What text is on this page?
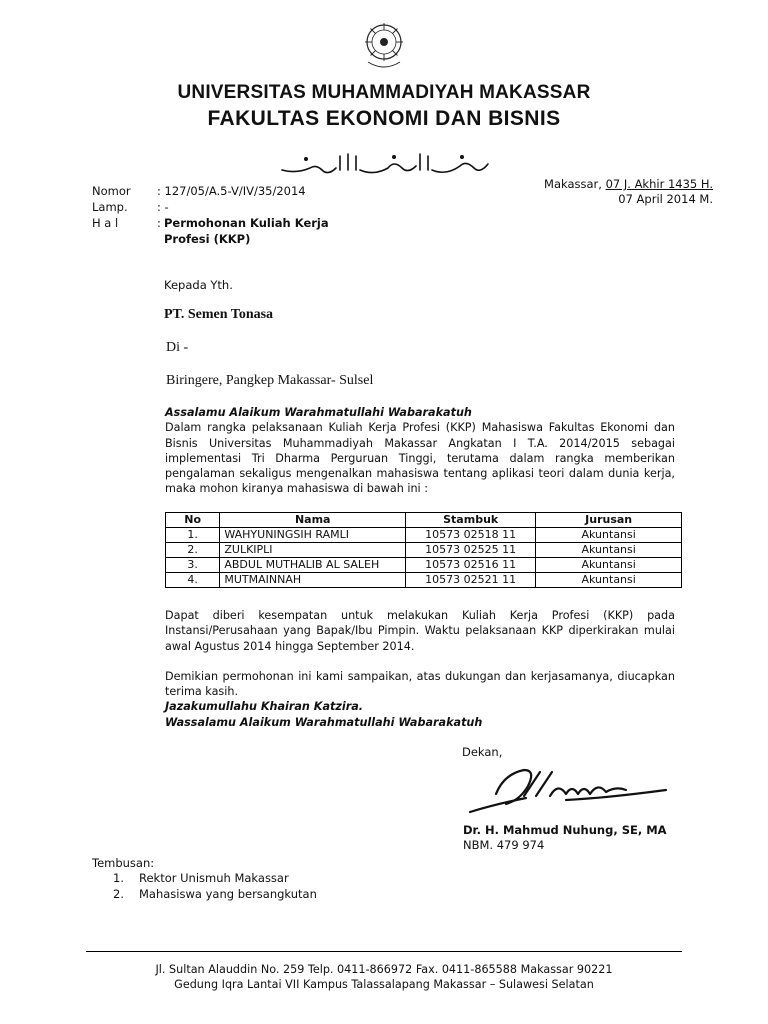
UNIVERSITAS MUHAMMADIYAH MAKASSAR
FAKULTAS EKONOMI DAN BISNIS
Nomor : 127/05/A.5-V/IV/35/2014
Lamp.	: -
H a l	: Permohonan Kuliah Kerja
Profesi (KKP)
Makassar, 07 J. Akhir 1435 H.
07 April 2014 M.
Kepada Yth.
PT. Semen Tonasa
Di -
Biringere, Pangkep Makassar- Sulsel

Assalamu Alaikum Warahmatullahi Wabarakatuh

Dalam rangka pelaksanaan Kuliah Kerja Profesi (KKP) Mahasiswa Fakultas Ekonomi dan Bisnis Universitas Muhammadiyah Makassar Angkatan I T.A. 2014/2015 sebagai implementasi Tri Dharma Perguruan Tinggi, terutama dalam rangka memberikan pengalaman sekaligus mengenalkan mahasiswa tentang aplikasi teori dalam dunia kerja, maka mohon kiranya mahasiswa di bawah ini :

No	Nama	Stambuk	Jurusan
1.	WAHYUNINGSIH RAMLI	10573 02518 11	Akuntansi
2.	ZULKIPLI	10573 02525 11	Akuntansi
3.	ABDUL MUTHALIB AL SALEH	10573 02516 11	Akuntansi
4.	MUTMAINNAH	10573 02521 11	Akuntansi

Dapat diberi kesempatan untuk melakukan Kuliah Kerja Profesi (KKP) pada Instansi/Perusahaan yang Bapak/Ibu Pimpin. Waktu pelaksanaan KKP diperkirakan mulai awal Agustus 2014 hingga September 2014.

Demikian permohonan ini kami sampaikan, atas dukungan dan kerjasamanya, diucapkan terima kasih.

Jazakumullahu Khairan Katzira.

Wassalamu Alaikum Warahmatullahi Wabarakatuh

Dekan,
Dr. H. Mahmud Nuhung, SE, MA
NBM. 479 974
Tembusan:
1. Rektor Unismuh Makassar
2. Mahasiswa yang bersangkutan
Jl. Sultan Alauddin No. 259 Telp. 0411-866972 Fax. 0411-865588 Makassar 90221
Gedung Iqra Lantai VII Kampus Talassalapang Makassar – Sulawesi Selatan
